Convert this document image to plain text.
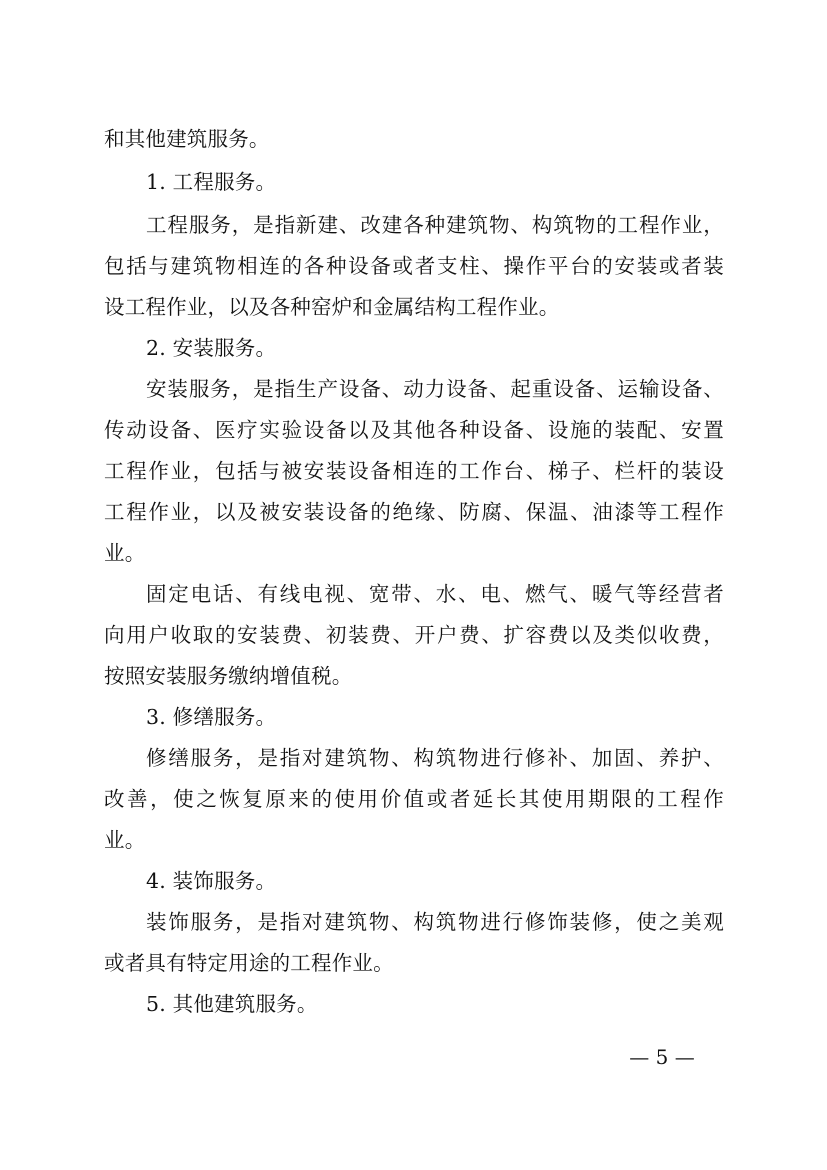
和其他建筑服务。
1. 工程服务。
工程服务，是指新建、改建各种建筑物、构筑物的工程作业，
包括与建筑物相连的各种设备或者支柱、操作平台的安装或者装
设工程作业，以及各种窑炉和金属结构工程作业。
2. 安装服务。
安装服务，是指生产设备、动力设备、起重设备、运输设备、
传动设备、医疗实验设备以及其他各种设备、设施的装配、安置
工程作业，包括与被安装设备相连的工作台、梯子、栏杆的装设
工程作业，以及被安装设备的绝缘、防腐、保温、油漆等工程作
业。
固定电话、有线电视、宽带、水、电、燃气、暖气等经营者
向用户收取的安装费、初装费、开户费、扩容费以及类似收费，
按照安装服务缴纳增值税。
3. 修缮服务。
修缮服务，是指对建筑物、构筑物进行修补、加固、养护、
改善，使之恢复原来的使用价值或者延长其使用期限的工程作
业。
4. 装饰服务。
装饰服务，是指对建筑物、构筑物进行修饰装修，使之美观
或者具有特定用途的工程作业。
5. 其他建筑服务。
— 5 —
